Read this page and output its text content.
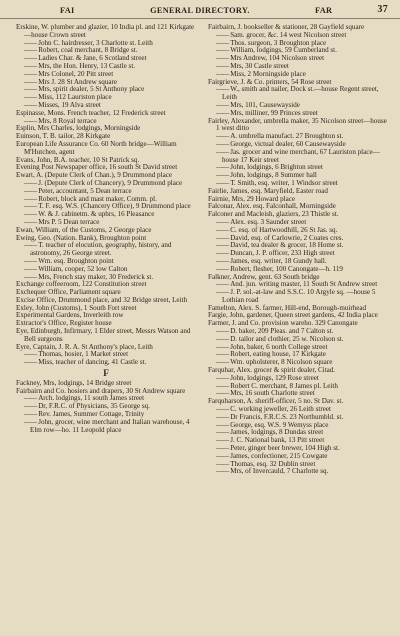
FAI	GENERAL DIRECTORY.	FAR	37

Erskine, W. plumber and glazier, 10 India pl. and 121 Kirkgate—house Crown street

—— John C. hairdresser, 3 Charlotte st. Leith

—— Robert, coal merchant, 8 Bridge st.

—— Ladies Char. & Jane, 6 Scotland street

—— Mrs, the Hon. Henry, 13 Castle st.

—— Mrs Colonel, 20 Pitt street

—— Mrs J. 28 St Andrew square

—— Mrs, spirit dealer, 5 St Anthony place

—— Miss, 112 Lauriston place

—— Misses, 19 Alva street

Espinasse, Mons. French teacher, 12 Frederick street

—— Mrs, 8 Royal terrace

Esplin, Mrs Charles, lodgings, Morningside

Euinson, T. B. tailor, 28 Kirkgate

European Life Assurance Co. 60 North bridge—William M'Hutchen, agent

Evans, John, B.A. teacher, 10 St Patrick sq.

Evening Post Newspaper office, 16 south St David street

Ewart, A. (Depute Clerk of Chan.), 9 Drummond place

—— J. (Depute Clerk of Chancery), 9 Drummond place

—— Peter, accountant, 5 Dean terrace

—— Robert, block and mast maker, Comm. pl.

—— T. F. esq. W.S. (Chancery Office), 9 Drummond place

—— W. & J. cabinetm. & uphrs, 16 Pleasance

—— Mrs P. 5 Dean terrace

Ewan, William, of the Customs, 2 George place

Ewing, Geo. (Nation. Bank), Broughton point

—— T. teacher of elocution, geography, history, and astronomy, 26 George street.

—— Wm. esq. Broughton point

—— William, cooper, 52 low Calton

—— Mrs, French stay maker, 30 Frederick st.

Exchange coffeeroom, 122 Constitution street

Exchequer Office, Parliament square

Excise Office, Drummond place, and 32 Bridge street, Leith

Exley, John (Customs), 1 South Fort street

Experimental Gardens, Inverleith row

Extractor's Office, Register house

Eye, Edinburgh, Infirmary, 1 Elder street, Messrs Watson and Bell surgeons

Eyre, Captain, J. R. A. St Anthony's place, Leith

—— Thomas, hosier, 1 Market street

—— Miss, teacher of dancing, 41 Castle st.

F

Fackney, Mrs, lodgings, 14 Bridge street

Fairbairn and Co. hosiers and drapers, 30 St Andrew square

—— Arch. lodgings, 11 south James street

—— Dr, F.R.C. of Physicians, 35 George sq.

—— Rev. James, Summer Cottage, Trinity

—— John, grocer, wine merchant and Italian warehouse, 4 Elm row—ho. 11 Leopold place

Fairbairn, J. bookseller & stationer, 28 Gayfield square

—— Sam. grocer, &c. 14 west Nicolson street

—— Thos. surgeon, 3 Broughton place

—— William, lodgings, 59 Cumberland st.

—— Mrs Andrew, 104 Nicolson street

—— Mrs, 30 Castle street

—— Miss, 2 Morningside place

Fairgrieve, J. & Co. printers, 54 Rose street

—— W., smith and nailer, Dock st.—house Regent street, Leith

—— Mrs, 101, Causewayside

—— Mrs, milliner, 99 Princes street

Fairley, Alexander, umbrella maker, 35 Nicolson street—house 1 west ditto

—— A. umbrella manufact. 27 Broughton st.

—— George, victual dealer, 60 Causewayside

—— Jas. grocer and wine merchant, 67 Lauriston place—house 17 Keir street

—— John, lodgings, 6 Brighton street

—— John, lodgings, 8 Summer hall

—— T. Smith, esq. writer, 1 Windsor street

Fairlie, James, esq. Maryfield, Easter road

Fairnie, Mrs, 29 Howard place

Falconar, Alex. esq. Falconhall, Morningside

Falconer and Macleish, glaziers, 23 Thistle st.

—— Alex. esq. 3 Saunder street

—— C. esq. of Hartwoodhill, 26 St Jas. sq.

—— David, esq. of Carlowrie, 2 Coates cres.

—— David, tea dealer & grocer, 18 Home st.

—— Duncan, J. P. officer, 233 High street

—— James, esq. writer, 18 Gundy hall.

—— Robert, flesher, 100 Canongate—h. 119

Falkner, Andrew, gent. 63 South bridge

—— And. jun. writing master, 11 South St Andrew street

—— J. P. sol.-at-law and S.S.C. 10 Argyle sq. —house 5 Lothian road

Famelton, Alex. S. farmer, Hill-end, Borough-muirhead

Fargie, John, gardener, Queen street gardens, 42 India place

Farmer, J. and Co. provision wareho. 329 Canongate

—— D. baker, 209 Pleas. and 7 Calton st.

—— D. tailor and clothier, 25 w. Nicolson st.

—— John, baker, 6 north College street

—— Robert, eating house, 17 Kirkgate

—— Wm. upholsterer, 8 Nicolson square

Farquhar, Alex. grocer & spirit dealer, Citad.

—— John, lodgings, 129 Rose street

—— Robert C. merchant, 8 James pl. Leith

—— Mrs, 16 south Charlotte street

Farquharson, A. sheriff-officer, 5 no. St Dav. st.

—— C. working jeweller, 26 Leith street

—— Dr Francis, F.R.C.S. 23 Northumbld. st.

—— George, esq. W.S. 9 Wemyss place

—— James, lodgings, 8 Dundas street

—— J. C. National bank, 13 Pitt street

—— Peter, ginger beer brewer, 104 High st.

—— James, confectioner, 215 Cowgate

—— Thomas, esq. 32 Dublin street

—— Mrs, of Invercauld, 7 Charlotte sq.
